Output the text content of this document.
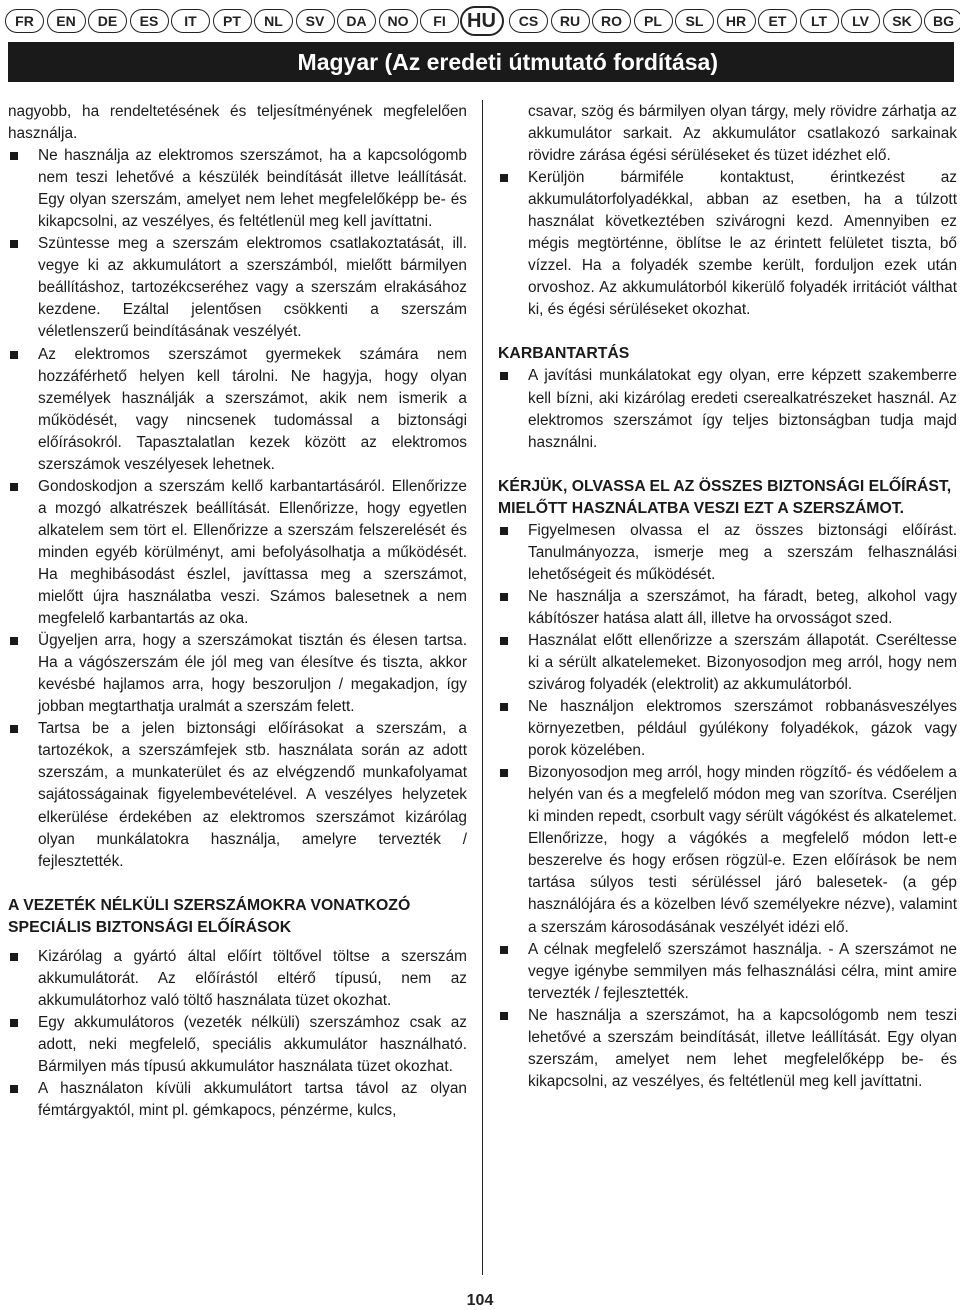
FR	EN	DE	ES	IT	PT	NL	SV	DA	NO	FI	HU	CS	RU	RO	PL	SL	HR	ET	LT	LV	SK	BG
Magyar (Az eredeti útmutató fordítása)
nagyobb, ha rendeltetésének és teljesítményének megfelelően használja.
Ne használja az elektromos szerszámot, ha a kapcsológomb nem teszi lehetővé a készülék beindítását illetve leállítását. Egy olyan szerszám, amelyet nem lehet megfelelőképp be- és kikapcsolni, az veszélyes, és feltétlenül meg kell javíttatni.
Szüntesse meg a szerszám elektromos csatlakoztatását, ill. vegye ki az akkumulátort a szerszámból, mielőtt bármilyen beállításhoz, tartozékcseréhez vagy a szerszám elrakásához kezdene. Ezáltal jelentősen csökkenti a szerszám véletlenszerű beindításának veszélyét.
Az elektromos szerszámot gyermekek számára nem hozzáférhető helyen kell tárolni. Ne hagyja, hogy olyan személyek használják a szerszámot, akik nem ismerik a működését, vagy nincsenek tudomással a biztonsági előírásokról. Tapasztalatlan kezek között az elektromos szerszámok veszélyesek lehetnek.
Gondoskodjon a szerszám kellő karbantartásáról. Ellenőrizze a mozgó alkatrészek beállítását. Ellenőrizze, hogy egyetlen alkatelem sem tört el. Ellenőrizze a szerszám felszerelését és minden egyéb körülményt, ami befolyásolhatja a működését. Ha meghibásodást észlel, javíttassa meg a szerszámot, mielőtt újra használatba veszi. Számos balesetnek a nem megfelelő karbantartás az oka.
Ügyeljen arra, hogy a szerszámokat tisztán és élesen tartsa. Ha a vágószerszám éle jól meg van élesítve és tiszta, akkor kevésbé hajlamos arra, hogy beszoruljon / megakadjon, így jobban megtarthatja uralmát a szerszám felett.
Tartsa be a jelen biztonsági előírásokat a szerszám, a tartozékok, a szerszámfejek stb. használata során az adott szerszám, a munkaterület és az elvégzendő munkafolyamat sajátosságainak figyelembevételével. A veszélyes helyzetek elkerülése érdekében az elektromos szerszámot kizárólag olyan munkálatokra használja, amelyre tervezték / fejlesztették.
A VEZETÉK NÉLKÜLI SZERSZÁMOKRA VONATKOZÓ SPECIÁLIS BIZTONSÁGI ELŐÍRÁSOK
Kizárólag a gyártó által előírt töltővel töltse a szerszám akkumulátorát. Az előírástól eltérő típusú, nem az akkumulátorhoz való töltő használata tüzet okozhat.
Egy akkumulátoros (vezeték nélküli) szerszámhoz csak az adott, neki megfelelő, speciális akkumulátor használható. Bármilyen más típusú akkumulátor használata tüzet okozhat.
A használaton kívüli akkumulátort tartsa távol az olyan fémtárgyaktól, mint pl. gémkapocs, pénzérme, kulcs,
csavar, szög és bármilyen olyan tárgy, mely rövidre zárhatja az akkumulátor sarkait. Az akkumulátor csatlakozó sarkainak rövidre zárása égési sérüléseket és tüzet idézhet elő.
Kerüljön bármiféle kontaktust, érintkezést az akkumulátorfolyadékkal, abban az esetben, ha a túlzott használat következtében szivárogni kezd. Amennyiben ez mégis megtörténne, öblítse le az érintett felületet tiszta, bő vízzel. Ha a folyadék szembe került, forduljon ezek után orvoshoz. Az akkumulátorból kikerülő folyadék irritációt válthat ki, és égési sérüléseket okozhat.
KARBANTARTÁS
A javítási munkálatokat egy olyan, erre képzett szakemberre kell bízni, aki kizárólag eredeti cserealkatrészeket használ. Az elektromos szerszámot így teljes biztonságban tudja majd használni.
KÉRJÜK, OLVASSA EL AZ ÖSSZES BIZTONSÁGI ELŐÍRÁST, MIELŐTT HASZNÁLATBA VESZI EZT A SZERSZÁMOT.
Figyelmesen olvassa el az összes biztonsági előírást. Tanulmányozza, ismerje meg a szerszám felhasználási lehetőségeit és működését.
Ne használja a szerszámot, ha fáradt, beteg, alkohol vagy kábítószer hatása alatt áll, illetve ha orvosságot szed.
Használat előtt ellenőrizze a szerszám állapotát. Cseréltesse ki a sérült alkatelemeket. Bizonyosodjon meg arról, hogy nem szivárog folyadék (elektrolit) az akkumulátorból.
Ne használjon elektromos szerszámot robbanásveszélyes környezetben, például gyúlékony folyadékok, gázok vagy porok közelében.
Bizonyosodjon meg arról, hogy minden rögzítő- és védőelem a helyén van és a megfelelő módon meg van szorítva. Cseréljen ki minden repedt, csorbult vagy sérült vágókést és alkatelemet. Ellenőrizze, hogy a vágókés a megfelelő módon lett-e beszerelve és hogy erősen rögzül-e. Ezen előírások be nem tartása súlyos testi sérüléssel járó balesetek- (a gép használójára és a közelben lévő személyekre nézve), valamint a szerszám károsodásának veszélyét idézi elő.
A célnak megfelelő szerszámot használja. - A szerszámot ne vegye igénybe semmilyen más felhasználási célra, mint amire tervezték / fejlesztették.
Ne használja a szerszámot, ha a kapcsológomb nem teszi lehetővé a szerszám beindítását, illetve leállítását. Egy olyan szerszám, amelyet nem lehet megfelelőképp be- és kikapcsolni, az veszélyes, és feltétlenül meg kell javíttatni.
104
